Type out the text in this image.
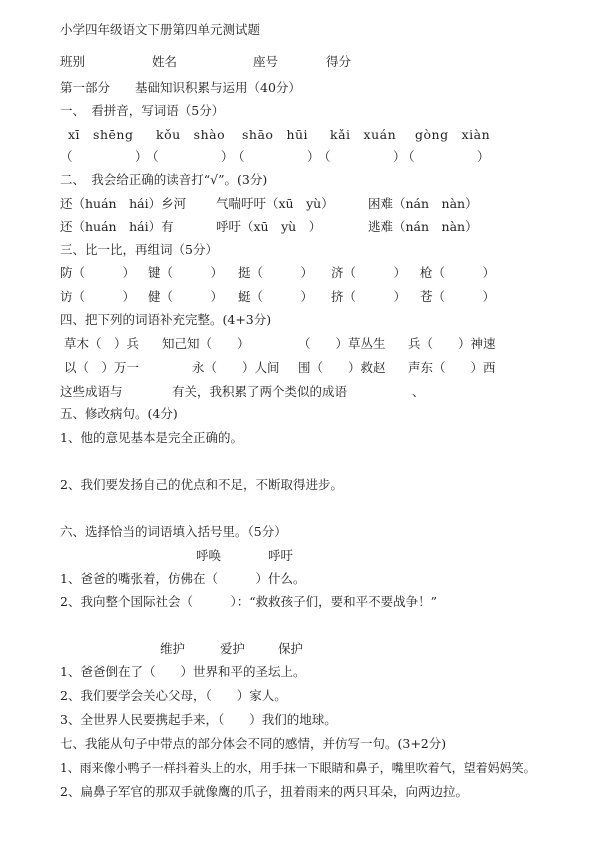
小学四年级语文下册第四单元测试题
班别	姓名	座号	得分
第一部分　　基础知识积累与运用（40分）
一、　看拼音，写词语（5分）
xī　shēng kǒu　shào shāo　hūi kǎi　xuán gòng　xiàn
（　　　　　）
（　　　　　）
（　　　　　）
（　　　　　）
（　　　　　）
二、　我会给正确的读音打“√”。(3分)
还（huán　hái）乡河 气喘吁吁（xū　yù）	困难（nán　nàn）
还（huán　hái）有	呼吁（xū　yù　）	逃难（nán　nàn）
三、比一比，再组词（5分）
防（　　　） 键（　　　） 挺（　　　） 济（　　　） 枪（　　　）
访（　　　） 健（　　　） 蜓（　　　） 挤（　　　） 苍（　　　）
四、把下列的词语补充完整。(4+3分)
草木（　）兵 知己知（　　）	（　　）草丛生 兵（　　）神速
以（　）万一	永（　　）人间 围（　　）救赵 声东（　　）西
这些成语与	有关，我积累了两个类似的成语	、
五、修改病句。(4分)
1、他的意见基本是完全正确的。
2、我们要发扬自己的优点和不足，不断取得进步。
六、选择恰当的词语填入括号里。（5分）
呼唤	呼吁
1、爸爸的嘴张着，仿佛在（　　　）什么。
2、我向整个国际社会（　　　）：“救救孩子们，要和平不要战争！”
维护	爱护	保护
1、爸爸倒在了（　　）世界和平的圣坛上。
2、我们要学会关心父母，（　　）家人。
3、全世界人民要携起手来，（　　）我们的地球。
七、我能从句子中带点的部分体会不同的感情，并仿写一句。(3+2分)
1、雨来像小鸭子一样抖着头上的水，用手抹一下眼睛和鼻子，嘴里吹着气，望着妈妈笑。
2、扁鼻子军官的那双手就像鹰的爪子，扭着雨来的两只耳朵，向两边拉。
